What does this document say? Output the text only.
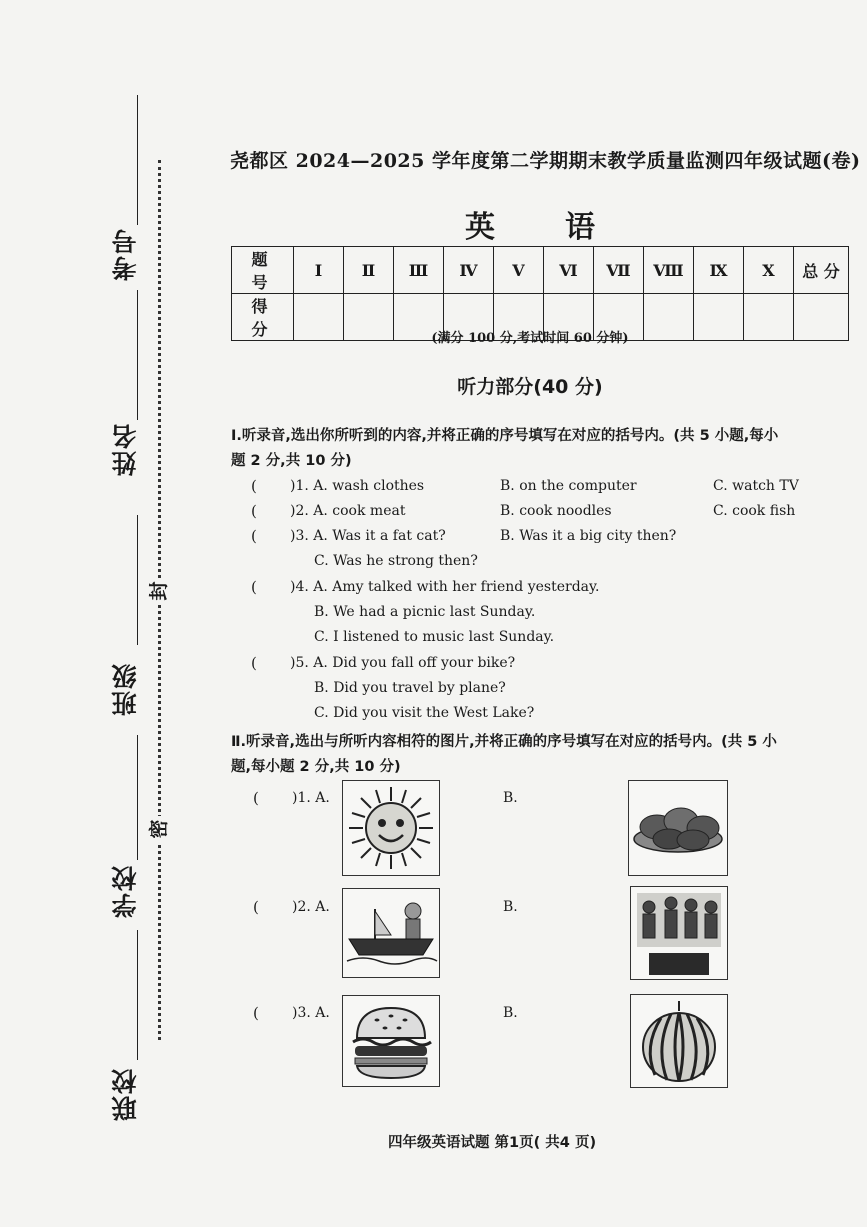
考号
姓名
班级
学校
联校
封
密
尧都区 2024—2025 学年度第二学期期末教学质量监测四年级试题(卷)
英语
题 号	I	Ⅱ	Ⅲ	Ⅳ	V	Ⅵ	Ⅶ	Ⅷ	Ⅸ	X	总 分
得 分												(满分 100 分,考试时间 60 分钟)
听力部分(40 分)
I.听录音,选出你所听到的内容,并将正确的序号填写在对应的括号内。(共 5 小题,每小
题 2 分,共 10 分)
( )1. A. wash clothes	B. on the computer	C. watch TV
( )2. A. cook meat	B. cook noodles	C. cook fish
( )3. A. Was it a fat cat?	B. Was it a big city then?
C. Was he strong then?
( )4. A. Amy talked with her friend yesterday.
B. We had a picnic last Sunday.
C. I listened to music last Sunday.
( )5. A. Did you fall off your bike?
B. Did you travel by plane?
C. Did you visit the West Lake?
Ⅱ.听录音,选出与所听内容相符的图片,并将正确的序号填写在对应的括号内。(共 5 小
题,每小题 2 分,共 10 分)
( )1. A.	B.
( )2. A.	B.
( )3. A.	B.
四年级英语试题 第1页( 共4 页)
